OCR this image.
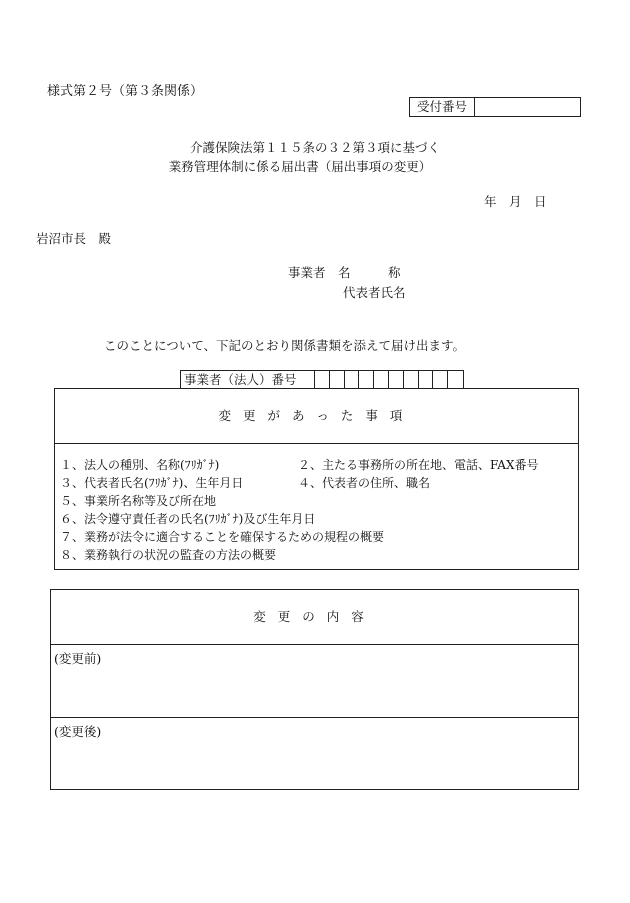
様式第２号（第３条関係）
受付番号
介護保険法第１１５条の３２第３項に基づく
業務管理体制に係る届出書（届出事項の変更）
年　月　日
岩沼市長　殿
事業者　名　　　称
代表者氏名
このことについて、下記のとおり関係書類を添えて届け出ます。
事業者（法人）番号
変更があった事項
１、法人の種別、名称(ﾌﾘｶﾞﾅ)	２、主たる事務所の所在地、電話、FAX番号
３、代表者氏名(ﾌﾘｶﾞﾅ)、生年月日	４、代表者の住所、職名
５、事業所名称等及び所在地
６、法令遵守責任者の氏名(ﾌﾘｶﾞﾅ)及び生年月日
７、業務が法令に適合することを確保するための規程の概要
８、業務執行の状況の監査の方法の概要
変更の内容
(変更前)
(変更後)
